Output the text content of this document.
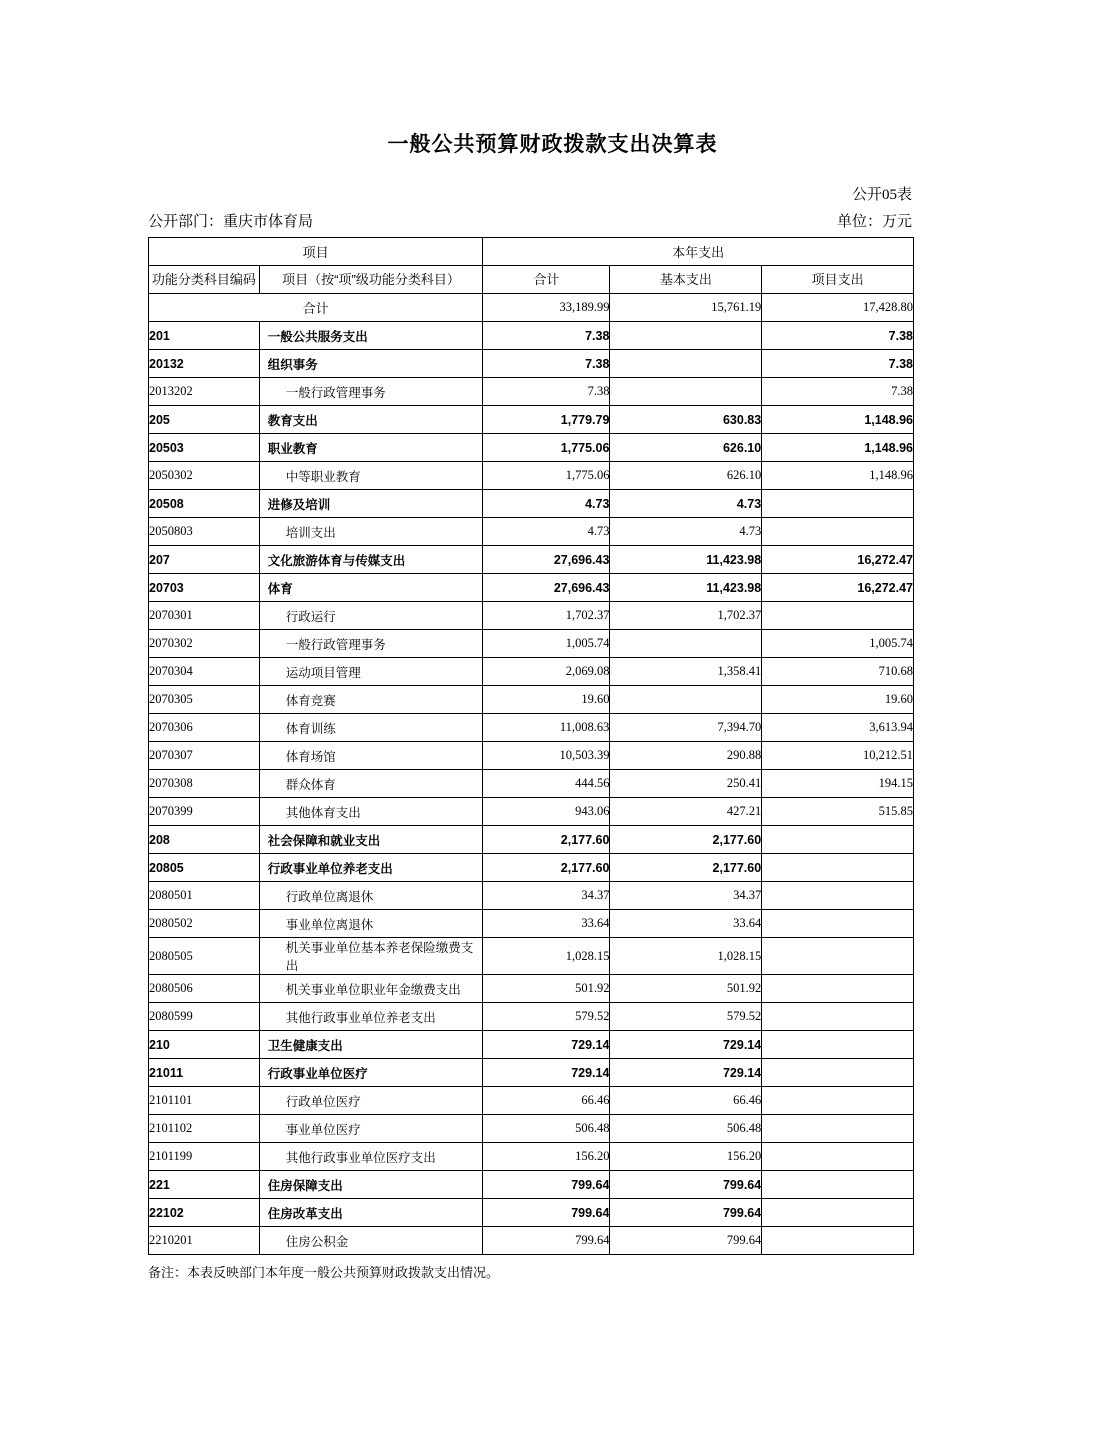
一般公共预算财政拨款支出决算表
公开05表
公开部门：重庆市体育局	单位：万元
项目		本年支出		
功能分类科目编码	项目（按“项”级功能分类科目）	合计	基本支出	项目支出
合计		33,189.99	15,761.19	17,428.80
201	一般公共服务支出	7.38		7.38
20132	组织事务	7.38		7.38
2013202	一般行政管理事务	7.38		7.38
205	教育支出	1,779.79	630.83	1,148.96
20503	职业教育	1,775.06	626.10	1,148.96
2050302	中等职业教育	1,775.06	626.10	1,148.96
20508	进修及培训	4.73	4.73	
2050803	培训支出	4.73	4.73	
207	文化旅游体育与传媒支出	27,696.43	11,423.98	16,272.47
20703	体育	27,696.43	11,423.98	16,272.47
2070301	行政运行	1,702.37	1,702.37	
2070302	一般行政管理事务	1,005.74		1,005.74
2070304	运动项目管理	2,069.08	1,358.41	710.68
2070305	体育竞赛	19.60		19.60
2070306	体育训练	11,008.63	7,394.70	3,613.94
2070307	体育场馆	10,503.39	290.88	10,212.51
2070308	群众体育	444.56	250.41	194.15
2070399	其他体育支出	943.06	427.21	515.85
208	社会保障和就业支出	2,177.60	2,177.60	
20805	行政事业单位养老支出	2,177.60	2,177.60	
2080501	行政单位离退休	34.37	34.37	
2080502	事业单位离退休	33.64	33.64	
2080505	机关事业单位基本养老保险缴费支出	1,028.15	1,028.15	
2080506	机关事业单位职业年金缴费支出	501.92	501.92	
2080599	其他行政事业单位养老支出	579.52	579.52	
210	卫生健康支出	729.14	729.14	
21011	行政事业单位医疗	729.14	729.14	
2101101	行政单位医疗	66.46	66.46	
2101102	事业单位医疗	506.48	506.48	
2101199	其他行政事业单位医疗支出	156.20	156.20	
221	住房保障支出	799.64	799.64	
22102	住房改革支出	799.64	799.64	
2210201	住房公积金	799.64	799.64	
备注：本表反映部门本年度一般公共预算财政拨款支出情况。
